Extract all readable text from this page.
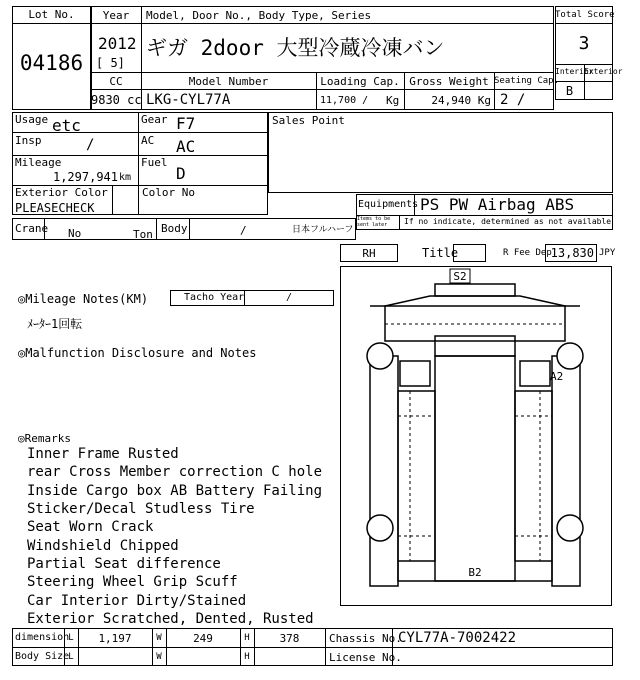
Lot No.
04186
Year	Model, Door No., Body Type, Series
2012
[ 5]
ギガ 2door 大型冷蔵冷凍バン
CC	Model Number	Loading Cap. Gross Weight Seating Cap.
9830 cc LKG-CYL77A	11,700 / Kg	24,940 Kg 2 /
Total Score
3
Interior
Exterior
B
Usage etc	Gear F7
Insp	/	AC AC
Mileage
1,297,941 km
Fuel
D
Exterior Color
PLEASECHECK
Color No
Sales Point
Equipments PS PW Airbag ABS
Items to be sent later	If no indicate, determined as not available
Crane No	Ton Body	/	日本フルハーフ
RH	Title	R Fee Dep.
13,830 JPY
◎Mileage Notes(KM)	Tacho Year	/
ﾒｰﾀｰ1回転
◎Malfunction Disclosure and Notes
◎Remarks
Inner Frame Rusted
rear Cross Member correction C hole
Inside Cargo box AB Battery Failing
Sticker/Decal Studless Tire
Seat Worn Crack
Windshield Chipped
Partial Seat difference
Steering Wheel Grip Scuff
Car Interior Dirty/Stained
Exterior Scratched, Dented, Rusted
S2
A2
B2
dimension L	1,197	W	249	H	378	Chassis No.
CYL77A-7002422
Body Size L	W	H	License No.
